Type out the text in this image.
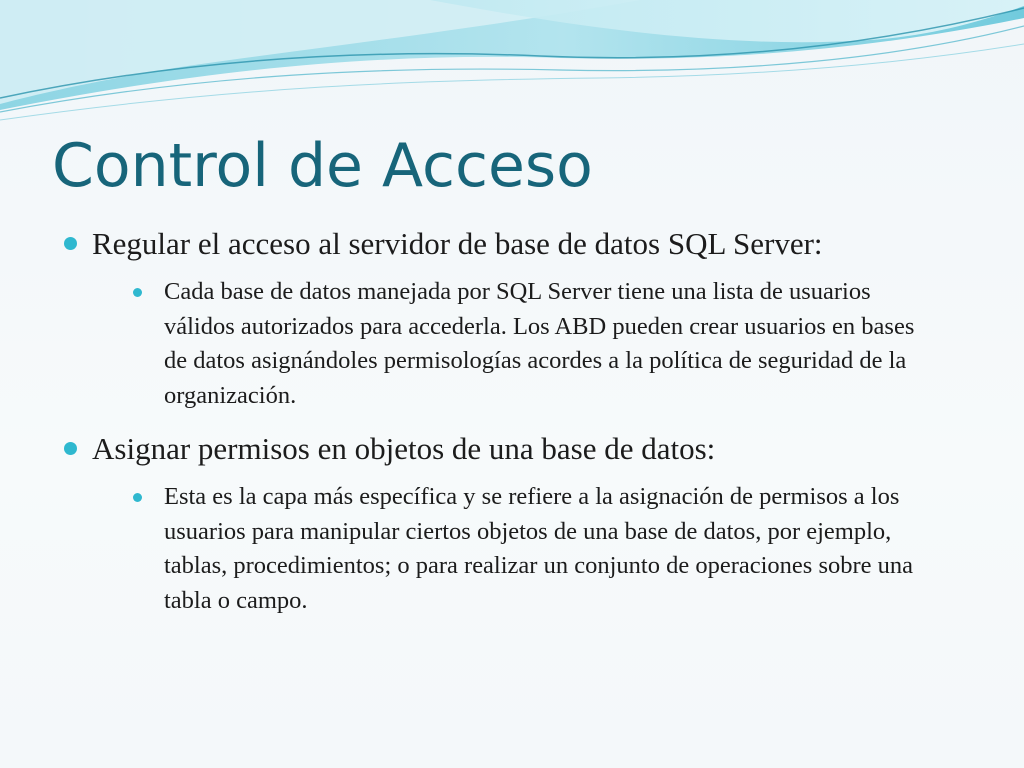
Control de Acceso
Regular el acceso al servidor de base de datos SQL Server:
Cada base de datos manejada por SQL Server tiene una lista de usuarios válidos autorizados para accederla. Los ABD pueden crear usuarios en bases de datos asignándoles permisologías acordes a la política de seguridad de la organización.
Asignar permisos en objetos de una base de datos:
Esta es la capa más específica y se refiere a la asignación de permisos a los usuarios para manipular ciertos objetos de una base de datos, por ejemplo, tablas, procedimientos; o para realizar un conjunto de operaciones sobre una tabla o campo.
